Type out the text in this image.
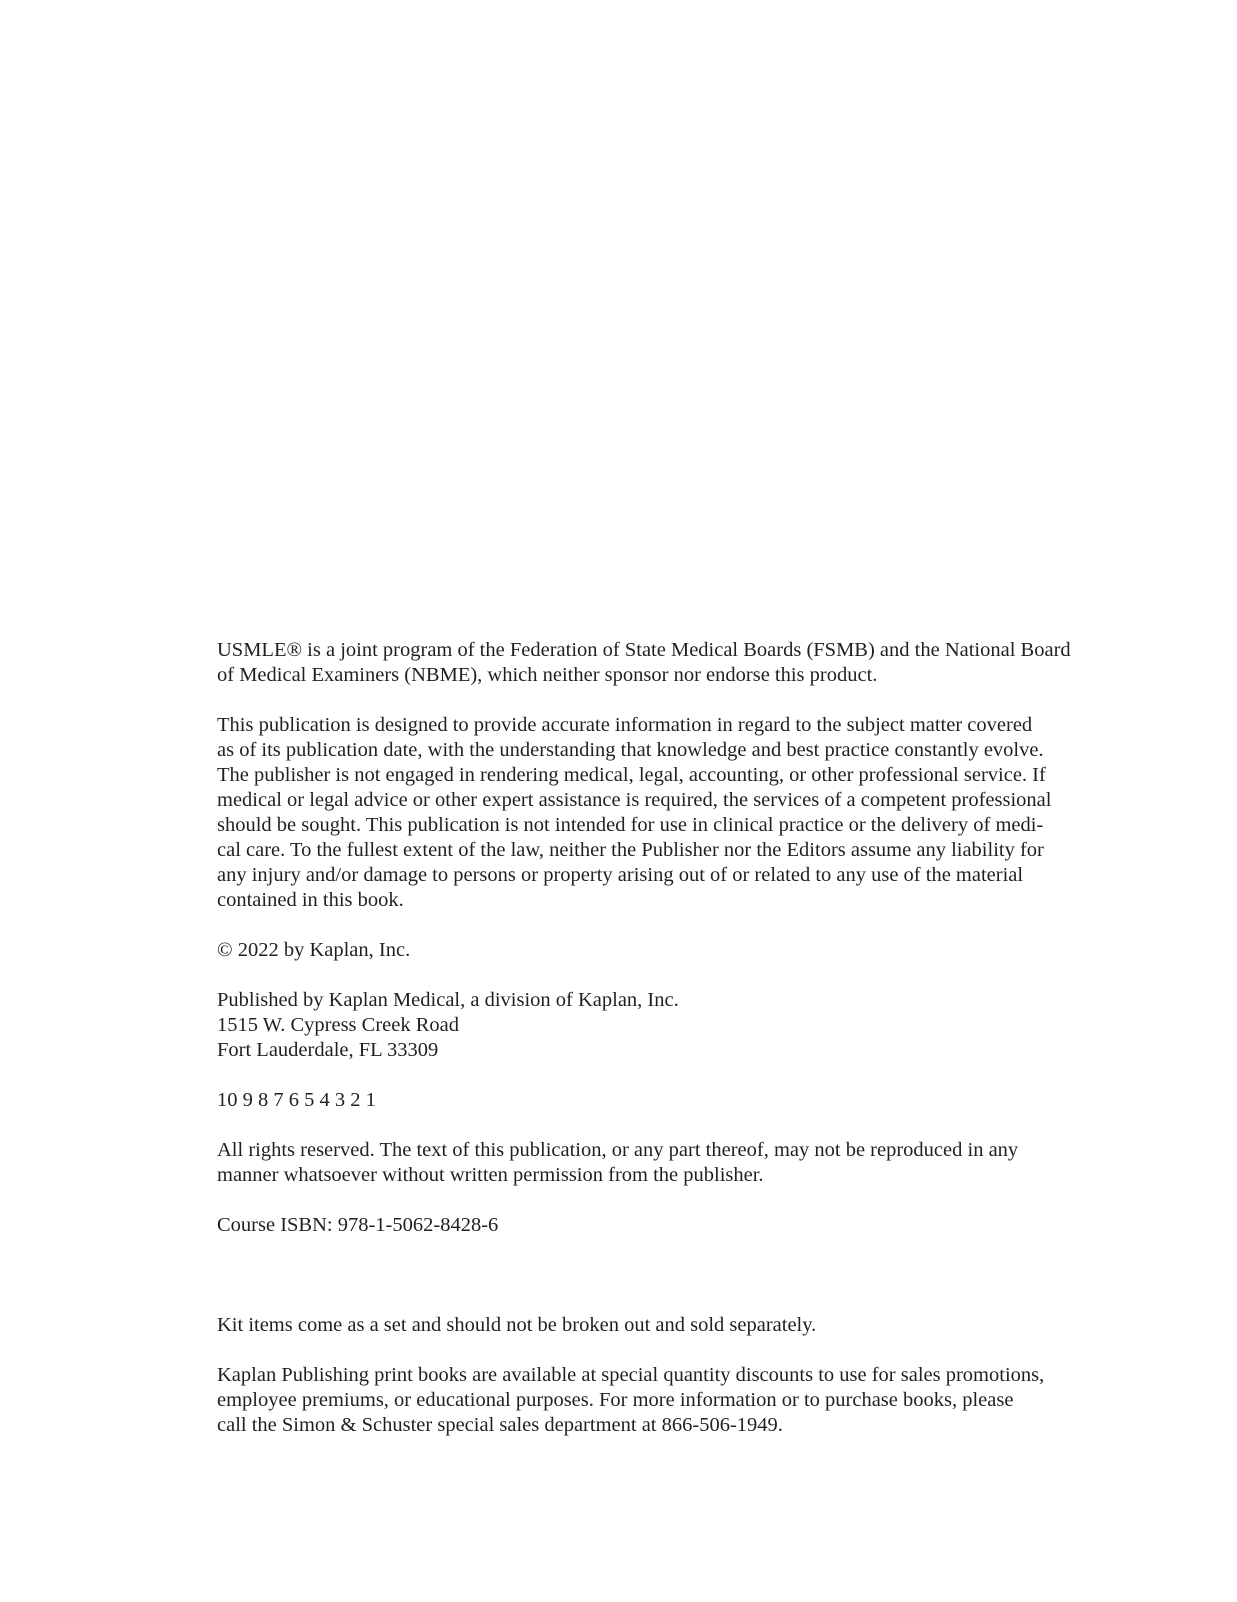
USMLE® is a joint program of the Federation of State Medical Boards (FSMB) and the National Board
of Medical Examiners (NBME), which neither sponsor nor endorse this product.

This publication is designed to provide accurate information in regard to the subject matter covered
as of its publication date, with the understanding that knowledge and best practice constantly evolve.
The publisher is not engaged in rendering medical, legal, accounting, or other professional service. If
medical or legal advice or other expert assistance is required, the services of a competent professional
should be sought. This publication is not intended for use in clinical practice or the delivery of medi-
cal care. To the fullest extent of the law, neither the Publisher nor the Editors assume any liability for
any injury and/or damage to persons or property arising out of or related to any use of the material
contained in this book.

© 2022 by Kaplan, Inc.

Published by Kaplan Medical, a division of Kaplan, Inc.
1515 W. Cypress Creek Road
Fort Lauderdale, FL 33309

10 9 8 7 6 5 4 3 2 1

All rights reserved. The text of this publication, or any part thereof, may not be reproduced in any
manner whatsoever without written permission from the publisher.

Course ISBN: 978-1-5062-8428-6

Kit items come as a set and should not be broken out and sold separately.

Kaplan Publishing print books are available at special quantity discounts to use for sales promotions,
employee premiums, or educational purposes. For more information or to purchase books, please
call the Simon & Schuster special sales department at 866-506-1949.
